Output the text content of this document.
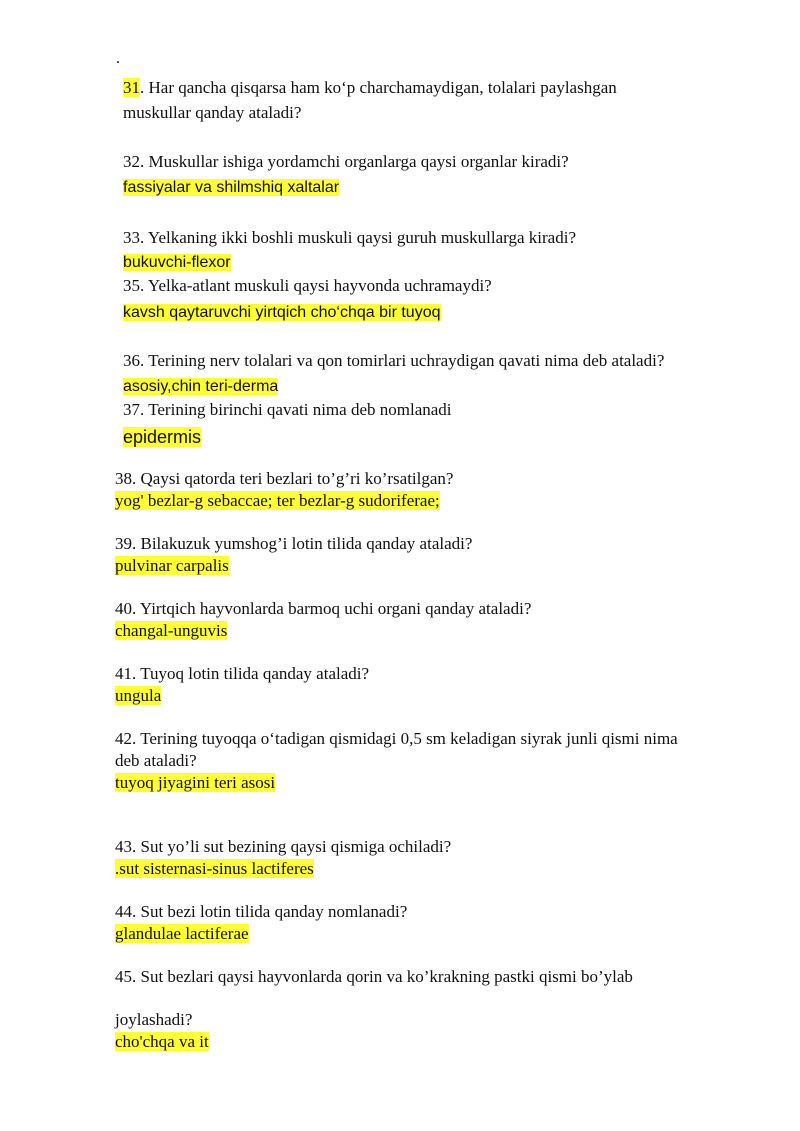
.
31. Har qancha qisqarsa ham ko‘p charchamaydigan, tolalari paylashgan
muskullar qanday ataladi?
32. Muskullar ishiga yordamchi organlarga qaysi organlar kiradi?
fassiyalar va shilmshiq xaltalar
33. Yelkaning ikki boshli muskuli qaysi guruh muskullarga kiradi?
bukuvchi-flexor
35. Yelka-atlant muskuli qaysi hayvonda uchramaydi?
kavsh qaytaruvchi yirtqich cho‘chqa bir tuyoq
36. Terining nerv tolalari va qon tomirlari uchraydigan qavati nima deb ataladi?
asosiy,chin teri-derma
37. Terining birinchi qavati nima deb nomlanadi
epidermis
38. Qaysi qatorda teri bezlari to’g’ri ko’rsatilgan?
yog' bezlar-g sebaccae; ter bezlar-g sudoriferae;
39. Bilakuzuk yumshog’i lotin tilida qanday ataladi?
pulvinar carpalis
40. Yirtqich hayvonlarda barmoq uchi organi qanday ataladi?
changal-unguvis
41. Tuyoq lotin tilida qanday ataladi?
ungula
42. Terining tuyoqqa o‘tadigan qismidagi 0,5 sm keladigan siyrak junli qismi nima
deb ataladi?
tuyoq jiyagini teri asosi
43. Sut yo’li sut bezining qaysi qismiga ochiladi?
.sut sisternasi-sinus lactiferes
44. Sut bezi lotin tilida qanday nomlanadi?
glandulae lactiferae
45. Sut bezlari qaysi hayvonlarda qorin va ko’krakning pastki qismi bo’ylab
joylashadi?
cho'chqa va it
